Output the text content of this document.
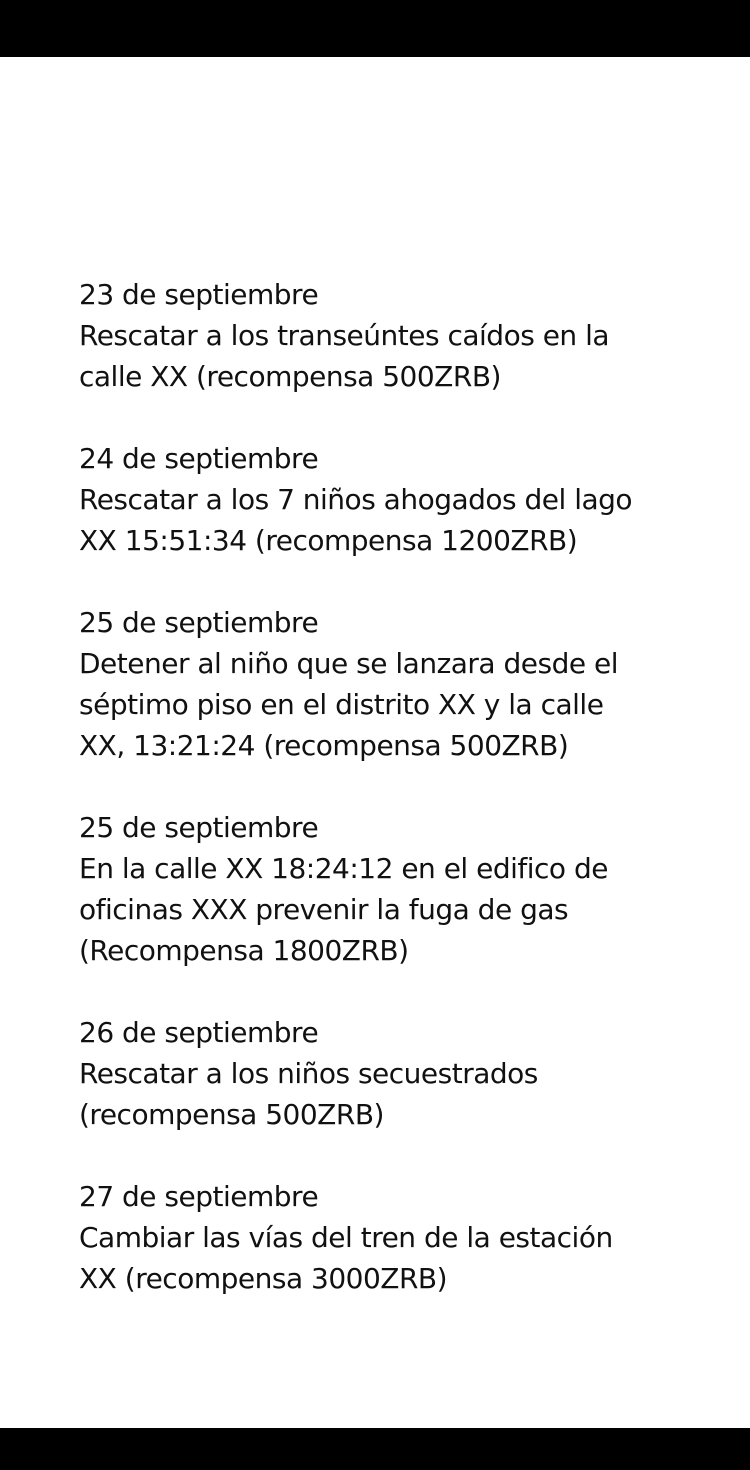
23 de septiembre
Rescatar a los transeúntes caídos en la
calle XX (recompensa 500ZRB)
24 de septiembre
Rescatar a los 7 niños ahogados del lago
XX 15:51:34 (recompensa 1200ZRB)
25 de septiembre
Detener al niño que se lanzara desde el
séptimo piso en el distrito XX y la calle
XX, 13:21:24 (recompensa 500ZRB)
25 de septiembre
En la calle XX 18:24:12 en el edifico de
oficinas XXX prevenir la fuga de gas
(Recompensa 1800ZRB)
26 de septiembre
Rescatar a los niños secuestrados
(recompensa 500ZRB)
27 de septiembre
Cambiar las vías del tren de la estación
XX (recompensa 3000ZRB)
